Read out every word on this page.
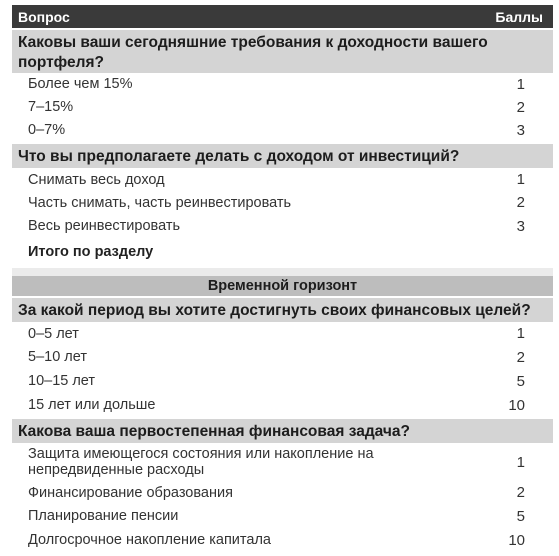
Вопрос	Баллы
Каковы ваши сегодняшние требования к доходности вашего портфеля?
Более чем 15%	1
7–15%	2
0–7%	3
Что вы предполагаете делать с доходом от инвестиций?
Снимать весь доход	1
Часть снимать, часть реинвестировать	2
Весь реинвестировать	3
Итого по разделу
Временной горизонт
За какой период вы хотите достигнуть своих финансовых целей?
0–5 лет	1
5–10 лет	2
10–15 лет	5
15 лет или дольше	10
Какова ваша первостепенная финансовая задача?
Защита имеющегося состояния или накопление на непредвиденные расходы	1
Финансирование образования	2
Планирование пенсии	5
Долгосрочное накопление капитала	10
